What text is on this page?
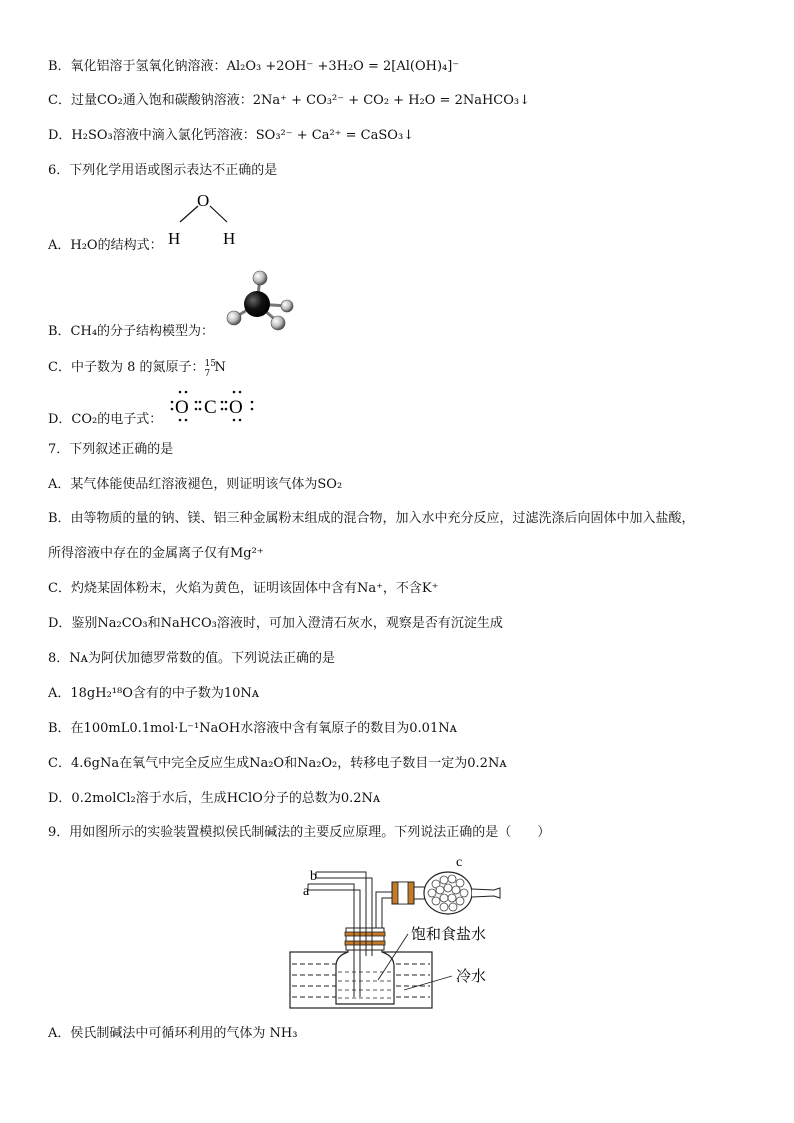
B．氧化铝溶于氢氧化钠溶液：Al₂O₃ +2OH⁻ +3H₂O = 2[Al(OH)₄]⁻
C．过量CO₂通入饱和碳酸钠溶液：2Na⁺ + CO₃²⁻ + CO₂ + H₂O = 2NaHCO₃↓
D．H₂SO₃溶液中滴入氯化钙溶液：SO₃²⁻ + Ca²⁺ = CaSO₃↓
6．下列化学用语或图示表达不正确的是
A．H₂O的结构式：
O
H	H
B．CH₄的分子结构模型为：
C．中子数为 8 的氮原子： 15
7 N
D．CO₂的电子式：
O C O
7．下列叙述正确的是
A．某气体能使品红溶液褪色，则证明该气体为SO₂
B．由等物质的量的钠、镁、铝三种金属粉末组成的混合物，加入水中充分反应，过滤洗涤后向固体中加入盐酸，
所得溶液中存在的金属离子仅有Mg²⁺
C．灼烧某固体粉末，火焰为黄色，证明该固体中含有Na⁺，不含K⁺
D．鉴别Na₂CO₃和NaHCO₃溶液时，可加入澄清石灰水，观察是否有沉淀生成
8．Nᴀ为阿伏加德罗常数的值。下列说法正确的是
A．18gH₂¹⁸O含有的中子数为10Nᴀ
B．在100mL0.1mol·L⁻¹NaOH水溶液中含有氧原子的数目为0.01Nᴀ
C．4.6gNa在氧气中完全反应生成Na₂O和Na₂O₂，转移电子数目一定为0.2Nᴀ
D．0.2molCl₂溶于水后，生成HClO分子的总数为0.2Nᴀ
9．用如图所示的实验装置模拟侯氏制碱法的主要反应原理。下列说法正确的是（　　）
a
b
c
饱和食盐水
冷水
A．侯氏制碱法中可循环利用的气体为 NH₃
